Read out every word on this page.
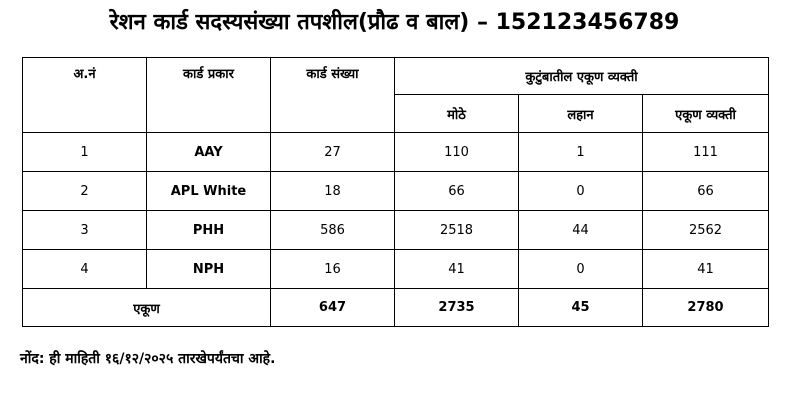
रेशन कार्ड सदस्यसंख्या तपशील(प्रौढ व बाल) – 152123456789
अ.नं	कार्ड प्रकार	कार्ड संख्या	कुटुंबातील एकूण व्यक्ती		
			मोठे	लहान	एकूण व्यक्ती
1	AAY	27	110	1	111
2	APL White	18	66	0	66
3	PHH	586	2518	44	2562
4	NPH	16	41	0	41
एकूण		647	2735	45	2780
नोंद: ही माहिती १६/१२/२०२५ तारखेपर्यंतचा आहे.
